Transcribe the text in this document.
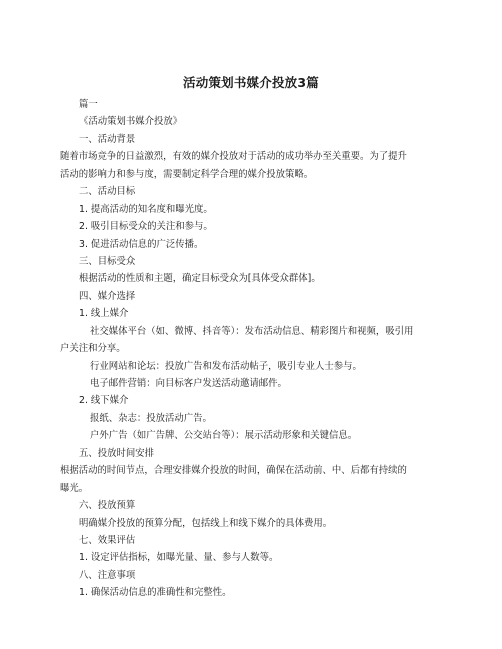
活动策划书媒介投放3篇
篇一
《活动策划书媒介投放》
一、活动背景
随着市场竞争的日益激烈，有效的媒介投放对于活动的成功举办至关重要。为了提升
活动的影响力和参与度，需要制定科学合理的媒介投放策略。
二、活动目标
1. 提高活动的知名度和曝光度。
2. 吸引目标受众的关注和参与。
3. 促进活动信息的广泛传播。
三、目标受众
根据活动的性质和主题，确定目标受众为[具体受众群体]。
四、媒介选择
1. 线上媒介
社交媒体平台（如、微博、抖音等）：发布活动信息、精彩图片和视频，吸引用
户关注和分享。
行业网站和论坛：投放广告和发布活动帖子，吸引专业人士参与。
电子邮件营销：向目标客户发送活动邀请邮件。
2. 线下媒介
报纸、杂志：投放活动广告。
户外广告（如广告牌、公交站台等）：展示活动形象和关键信息。
五、投放时间安排
根据活动的时间节点，合理安排媒介投放的时间，确保在活动前、中、后都有持续的
曝光。
六、投放预算
明确媒介投放的预算分配，包括线上和线下媒介的具体费用。
七、效果评估
1. 设定评估指标，如曝光量、量、参与人数等。
八、注意事项
1. 确保活动信息的准确性和完整性。
